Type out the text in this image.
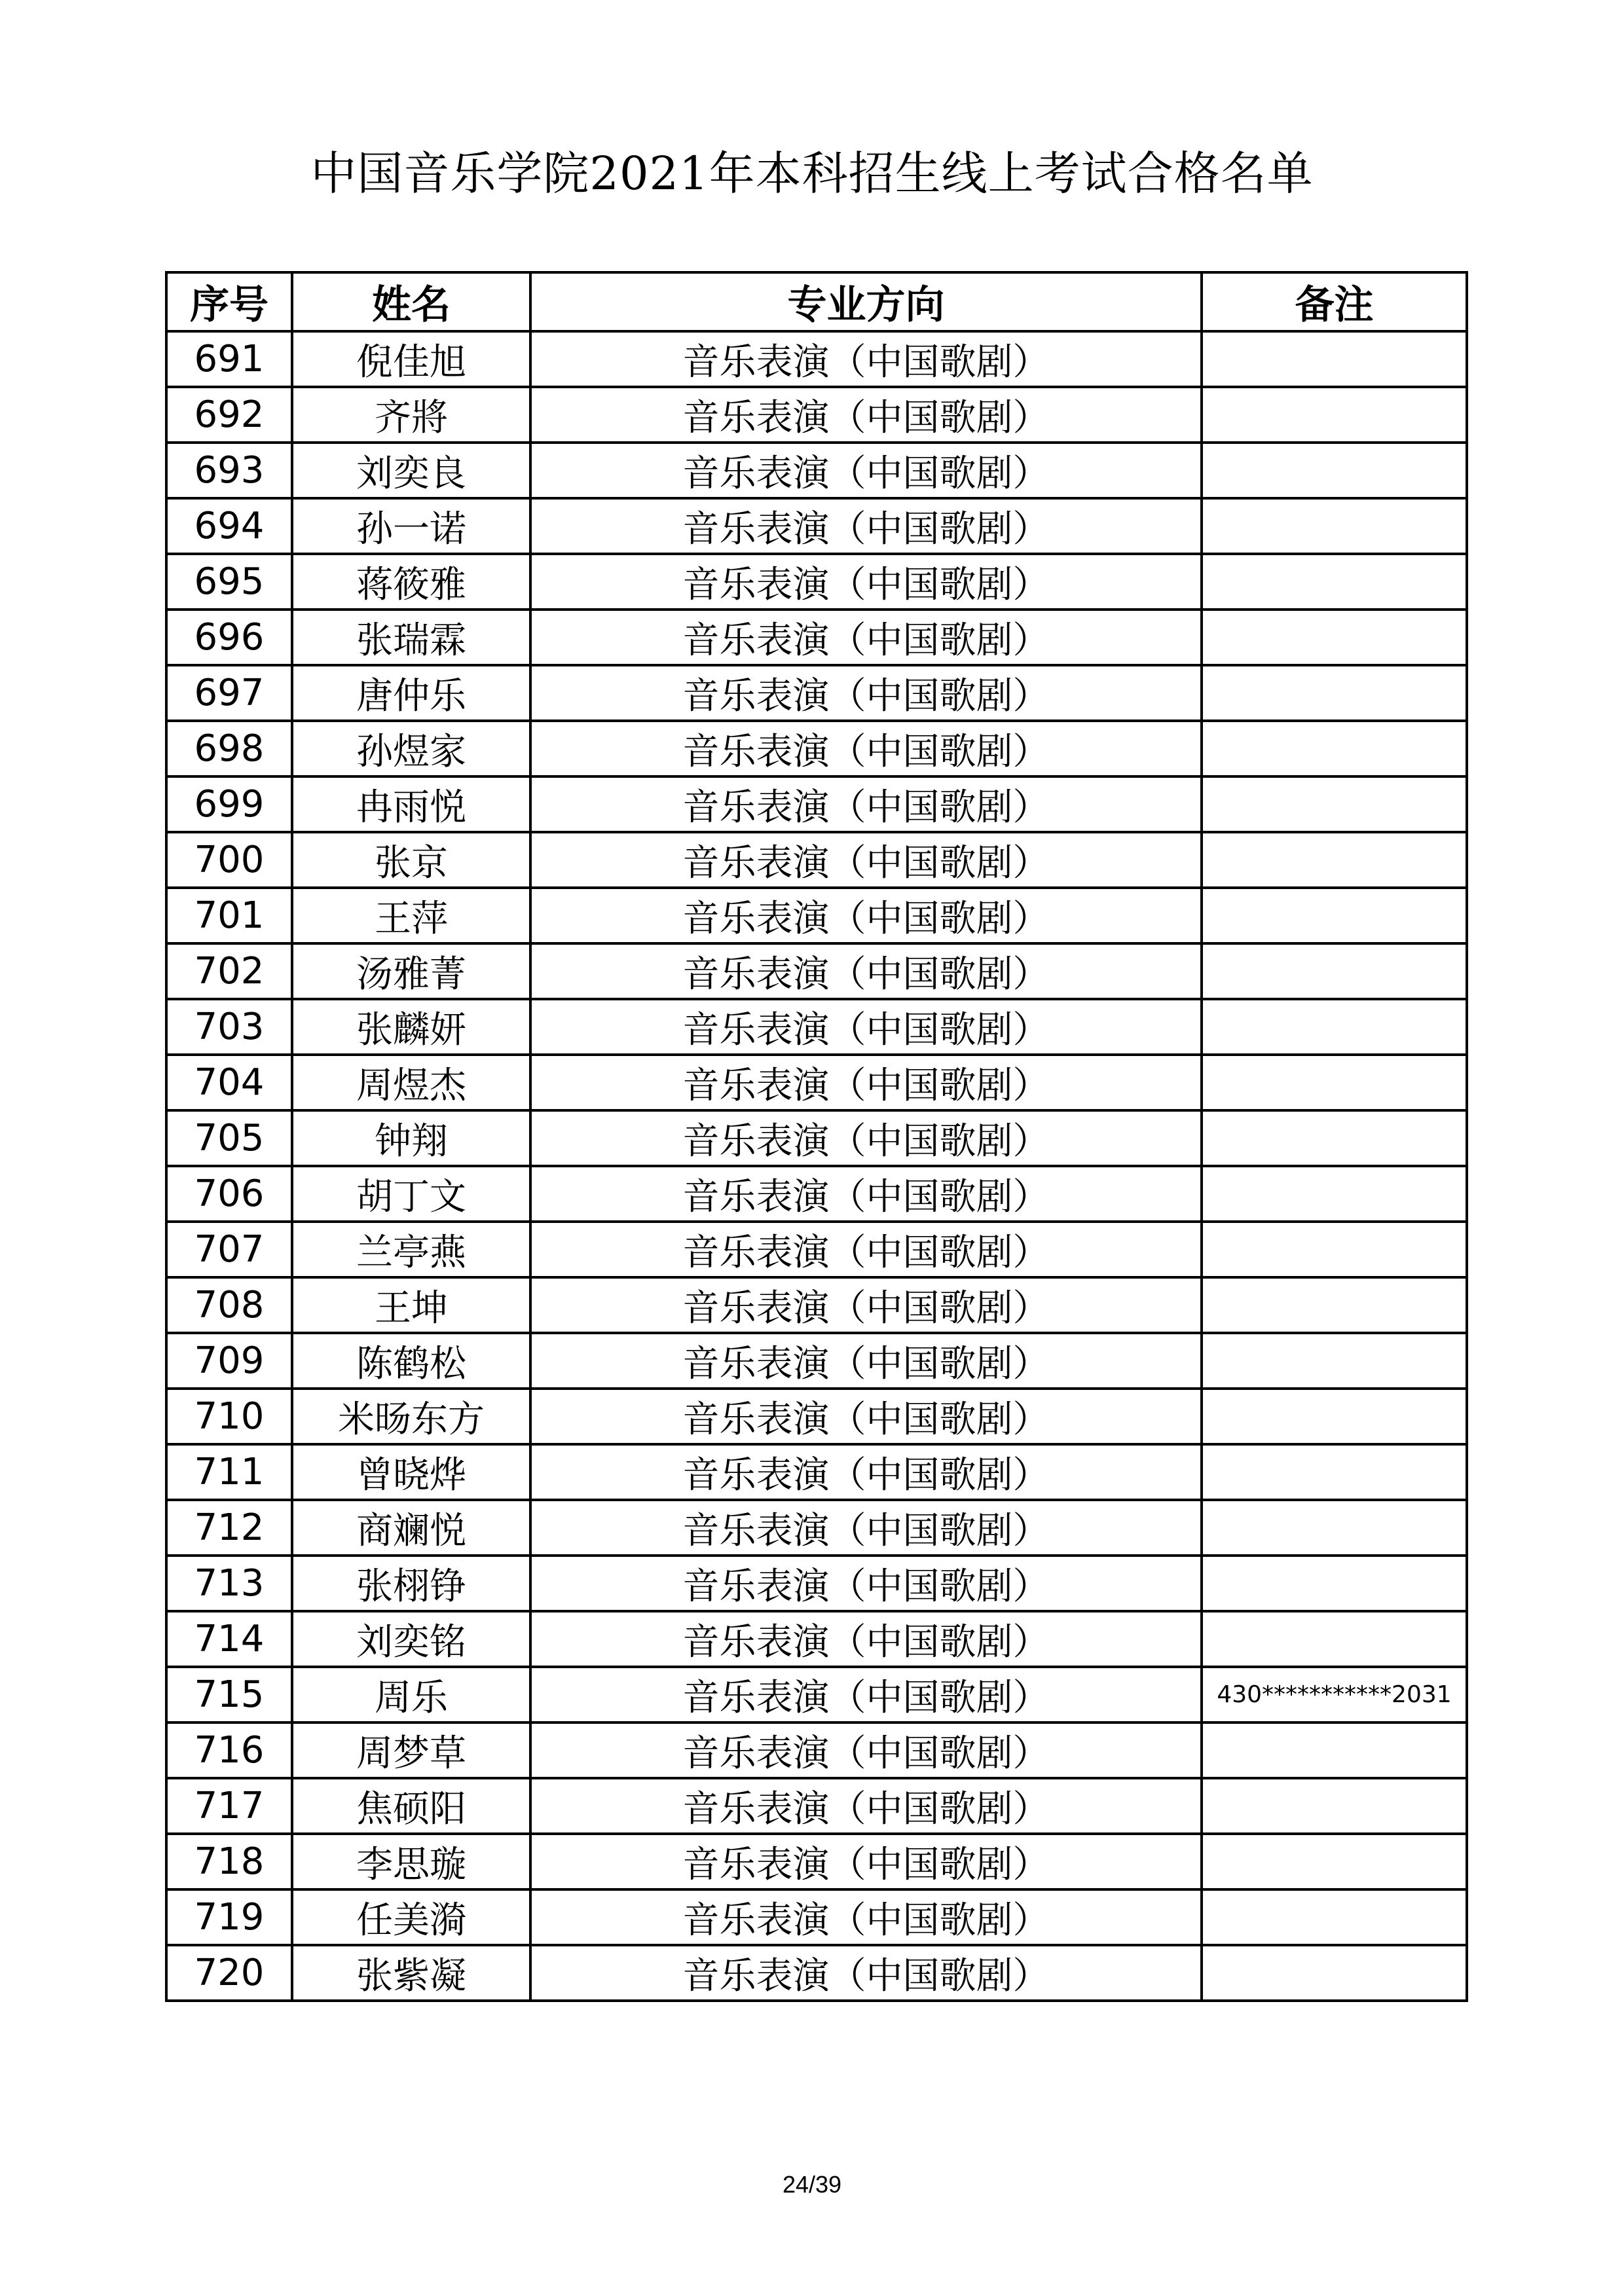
中国音乐学院2021年本科招生线上考试合格名单
序号	姓名	专业方向	备注
691	倪佳旭	音乐表演（中国歌剧）	
692	齐將	音乐表演（中国歌剧）	
693	刘奕良	音乐表演（中国歌剧）	
694	孙一诺	音乐表演（中国歌剧）	
695	蒋筱雅	音乐表演（中国歌剧）	
696	张瑞霖	音乐表演（中国歌剧）	
697	唐仲乐	音乐表演（中国歌剧）	
698	孙煜家	音乐表演（中国歌剧）	
699	冉雨悦	音乐表演（中国歌剧）	
700	张京	音乐表演（中国歌剧）	
701	王萍	音乐表演（中国歌剧）	
702	汤雅菁	音乐表演（中国歌剧）	
703	张麟妍	音乐表演（中国歌剧）	
704	周煜杰	音乐表演（中国歌剧）	
705	钟翔	音乐表演（中国歌剧）	
706	胡丁文	音乐表演（中国歌剧）	
707	兰亭燕	音乐表演（中国歌剧）	
708	王坤	音乐表演（中国歌剧）	
709	陈鹤松	音乐表演（中国歌剧）	
710	米旸东方	音乐表演（中国歌剧）	
711	曾晓烨	音乐表演（中国歌剧）	
712	商斓悦	音乐表演（中国歌剧）	
713	张栩铮	音乐表演（中国歌剧）	
714	刘奕铭	音乐表演（中国歌剧）	
715	周乐	音乐表演（中国歌剧）	430***********2031
716	周梦草	音乐表演（中国歌剧）	
717	焦硕阳	音乐表演（中国歌剧）	
718	李思璇	音乐表演（中国歌剧）	
719	任美漪	音乐表演（中国歌剧）	
720	张紫凝	音乐表演（中国歌剧）	
24/39
